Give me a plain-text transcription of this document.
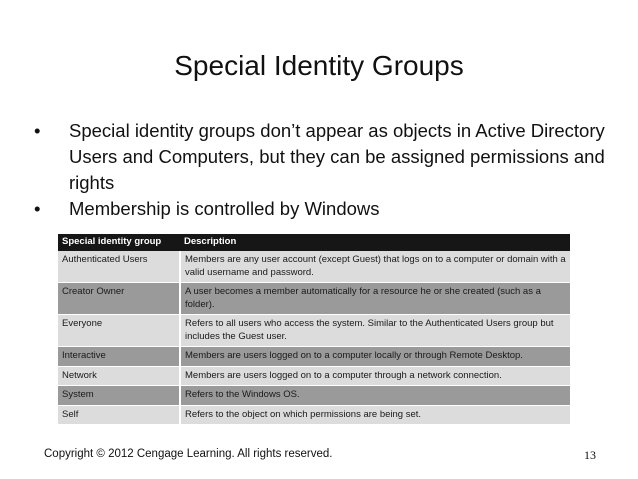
Special Identity Groups
• Special identity groups don’t appear as objects in Active Directory Users and Computers, but they can be assigned permissions and rights
• Membership is controlled by Windows
Special identity group	Description
Authenticated Users	Members are any user account (except Guest) that logs on to a computer or domain with a valid username and password.
Creator Owner	A user becomes a member automatically for a resource he or she created (such as a folder).
Everyone	Refers to all users who access the system. Similar to the Authenticated Users group but includes the Guest user.
Interactive	Members are users logged on to a computer locally or through Remote Desktop.
Network	Members are users logged on to a computer through a network connection.
System	Refers to the Windows OS.
Self	Refers to the object on which permissions are being set.
Copyright © 2012 Cengage Learning. All rights reserved.	13
